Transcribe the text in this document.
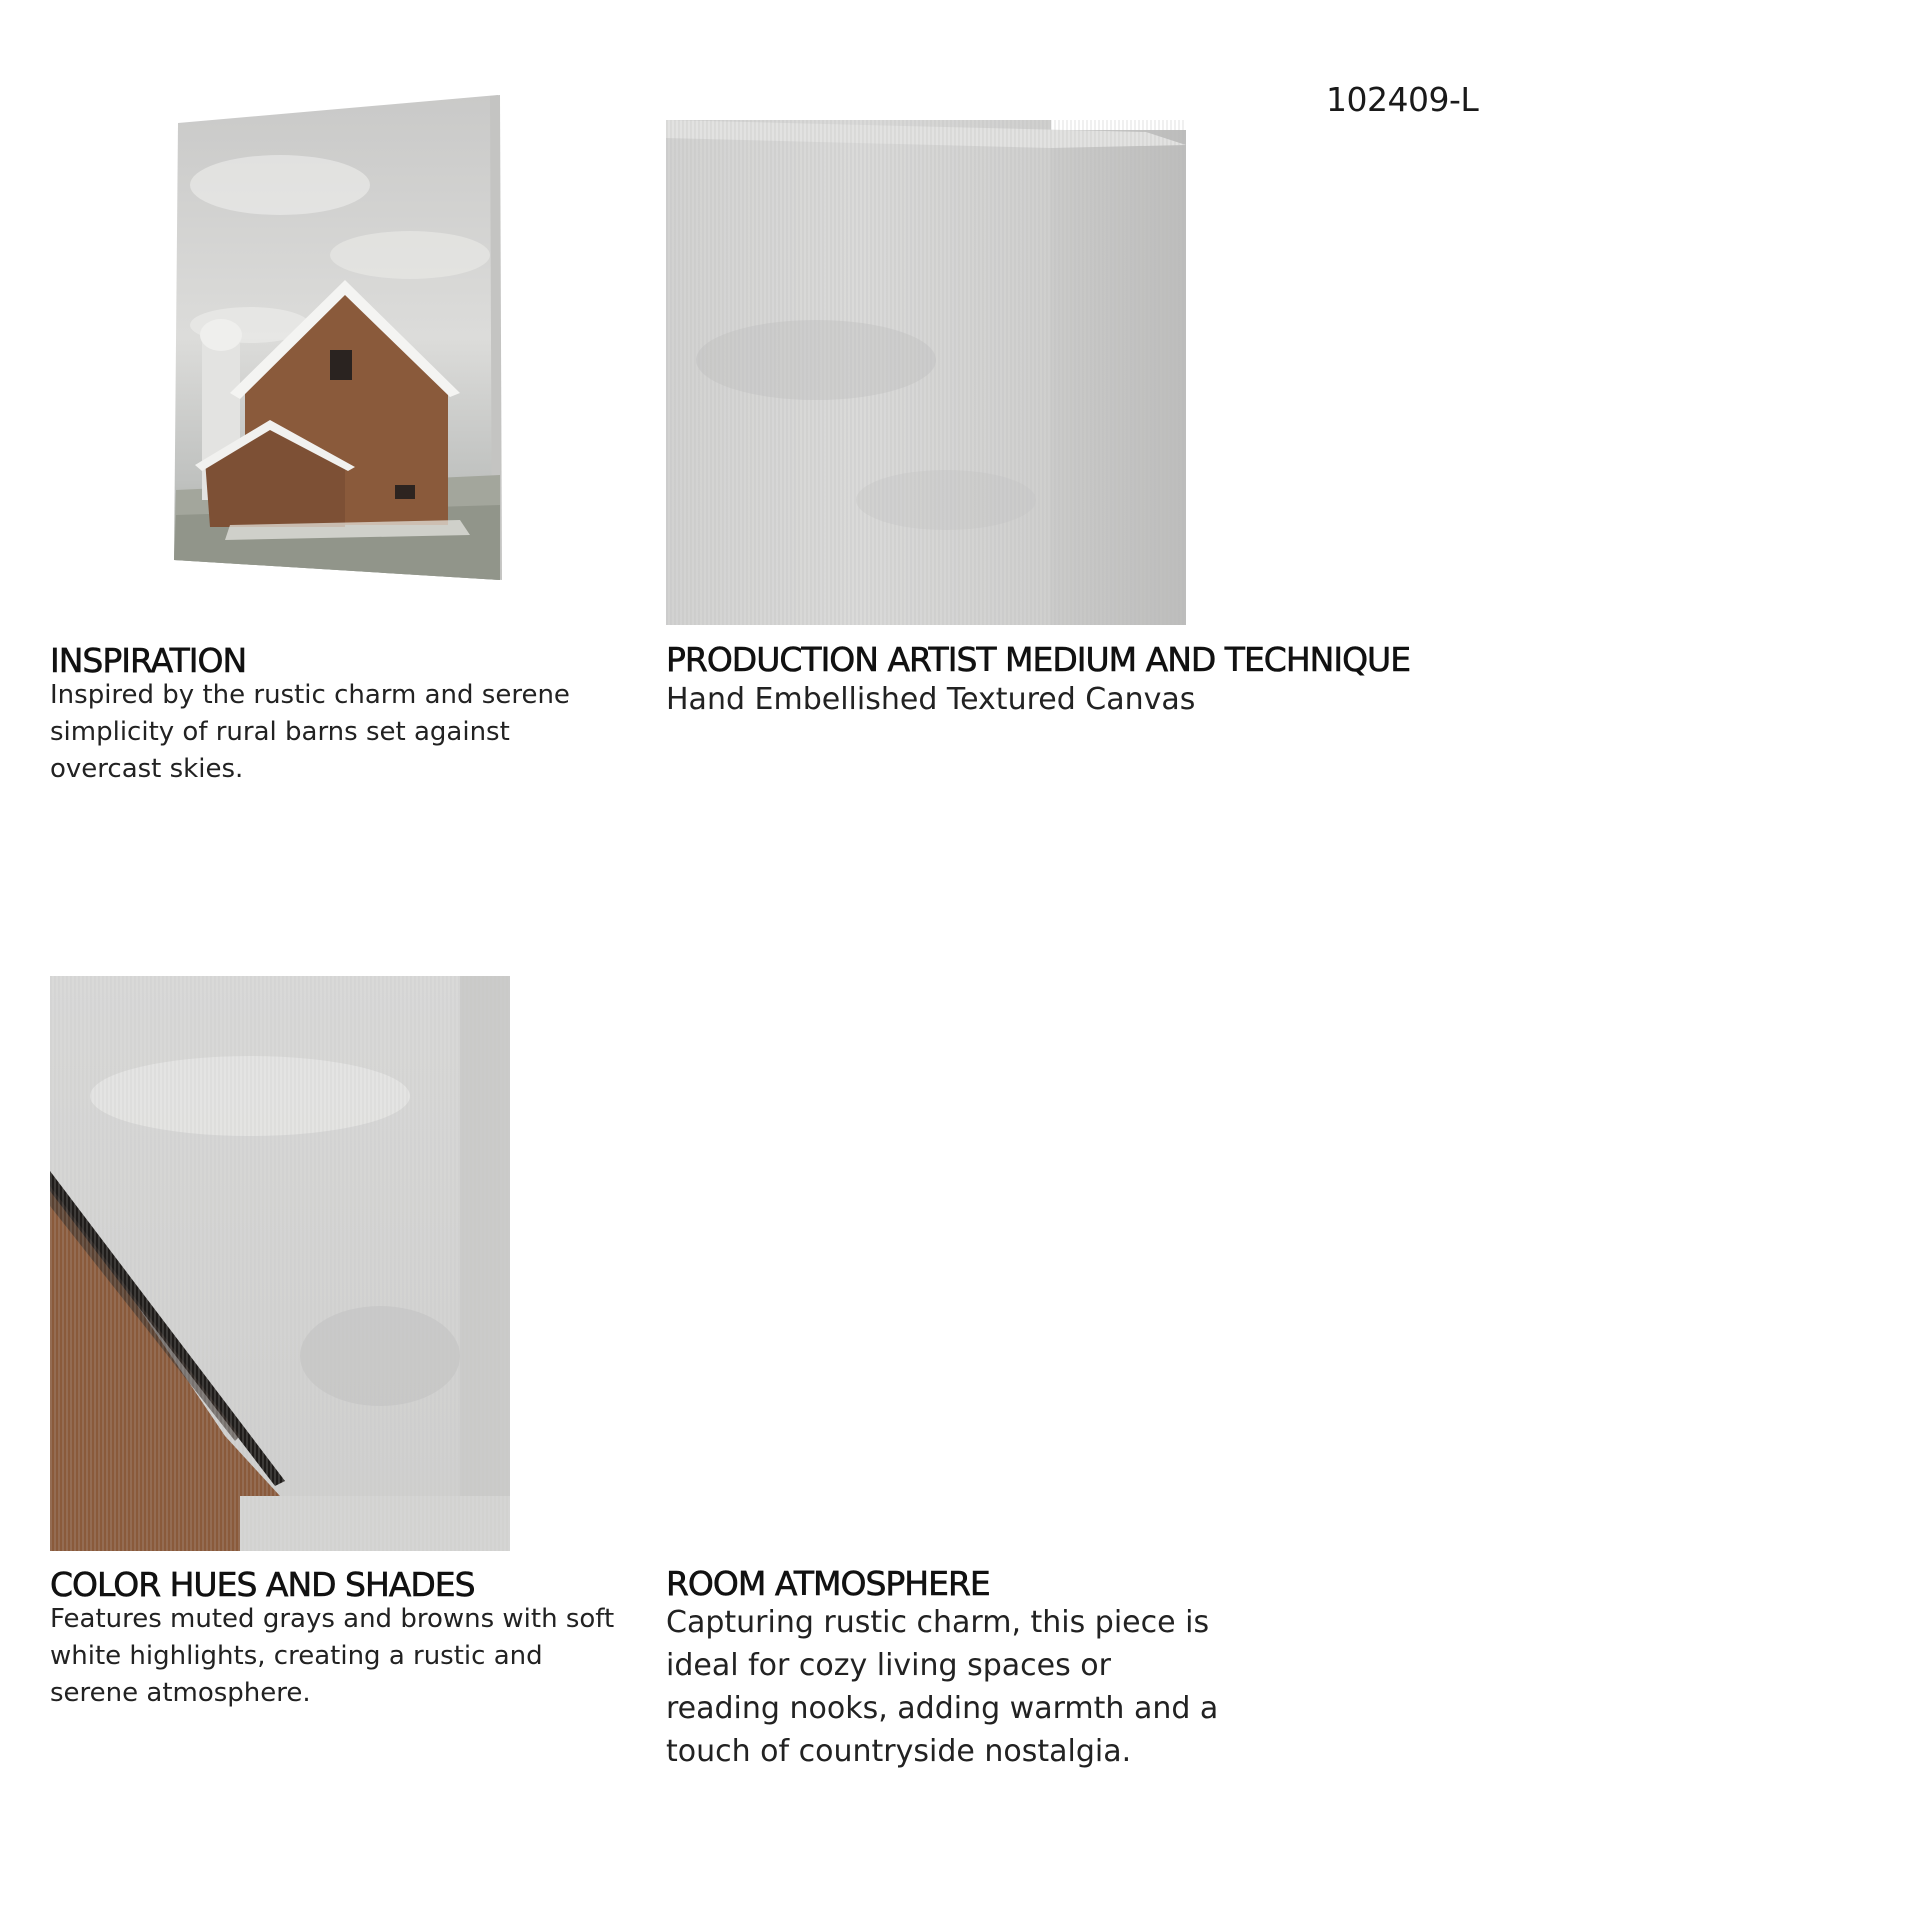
102409-L
INSPIRATION

Inspired by the rustic charm and serene simplicity of rural barns set against overcast skies.

PRODUCTION ARTIST MEDIUM AND TECHNIQUE

Hand Embellished Textured Canvas

COLOR HUES AND SHADES

Features muted grays and browns with soft white highlights, creating a rustic and serene atmosphere.

ROOM ATMOSPHERE

Capturing rustic charm, this piece is ideal for cozy living spaces or reading nooks, adding warmth and a touch of countryside nostalgia.
